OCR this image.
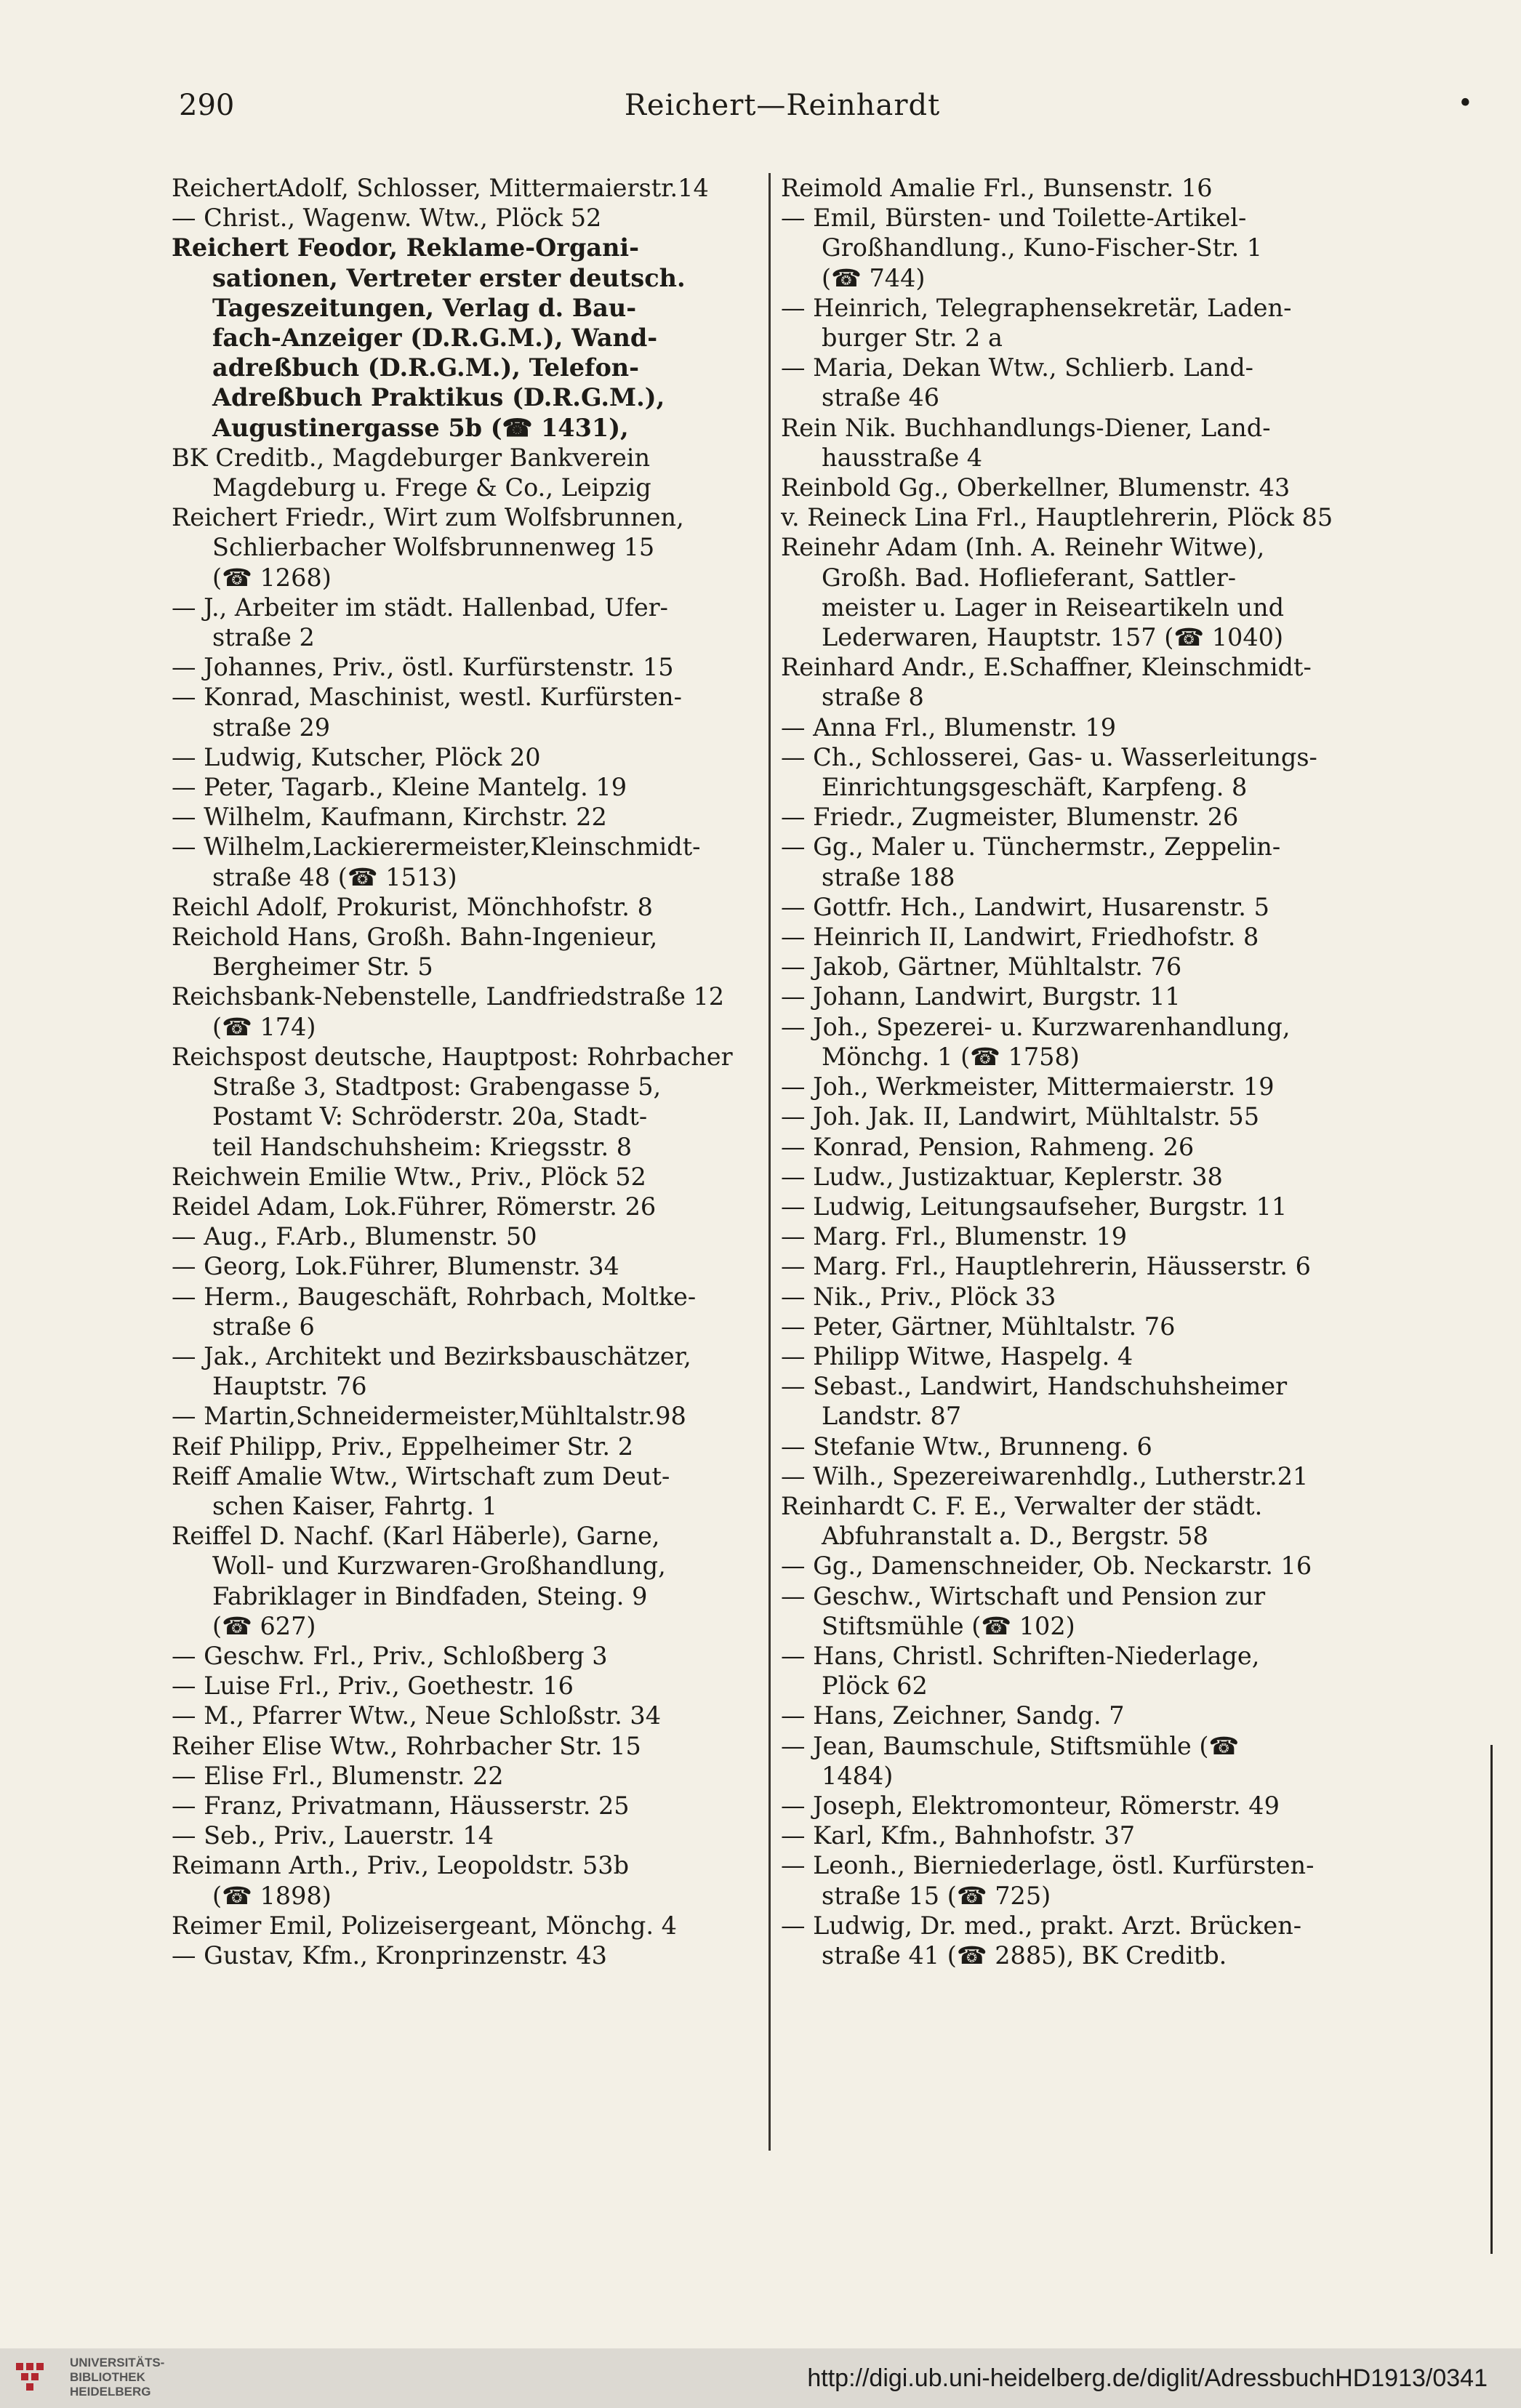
290	Reichert—Reinhardt	•
ReichertAdolf, Schlosser, Mittermaierstr.14
— Christ., Wagenw. Wtw., Plöck 52
Reichert Feodor, Reklame-Organi-
sationen, Vertreter erster deutsch.
Tageszeitungen, Verlag d. Bau-
fach-Anzeiger (D.R.G.M.), Wand-
adreßbuch (D.R.G.M.), Telefon-
Adreßbuch Praktikus (D.R.G.M.),
Augustinergasse 5b (☎ 1431),
BK Creditb., Magdeburger Bankverein
Magdeburg u. Frege & Co., Leipzig
Reichert Friedr., Wirt zum Wolfsbrunnen,
Schlierbacher Wolfsbrunnenweg 15
(☎ 1268)
— J., Arbeiter im städt. Hallenbad, Ufer-
straße 2
— Johannes, Priv., östl. Kurfürstenstr. 15
— Konrad, Maschinist, westl. Kurfürsten-
straße 29
— Ludwig, Kutscher, Plöck 20
— Peter, Tagarb., Kleine Mantelg. 19
— Wilhelm, Kaufmann, Kirchstr. 22
— Wilhelm,Lackierermeister,Kleinschmidt-
straße 48 (☎ 1513)
Reichl Adolf, Prokurist, Mönchhofstr. 8
Reichold Hans, Großh. Bahn-Ingenieur,
Bergheimer Str. 5
Reichsbank-Nebenstelle, Landfriedstraße 12
(☎ 174)
Reichspost deutsche, Hauptpost: Rohrbacher
Straße 3, Stadtpost: Grabengasse 5,
Postamt V: Schröderstr. 20a, Stadt-
teil Handschuhsheim: Kriegsstr. 8
Reichwein Emilie Wtw., Priv., Plöck 52
Reidel Adam, Lok.Führer, Römerstr. 26
— Aug., F.Arb., Blumenstr. 50
— Georg, Lok.Führer, Blumenstr. 34
— Herm., Baugeschäft, Rohrbach, Moltke-
straße 6
— Jak., Architekt und Bezirksbauschätzer,
Hauptstr. 76
— Martin,Schneidermeister,Mühltalstr.98
Reif Philipp, Priv., Eppelheimer Str. 2
Reiff Amalie Wtw., Wirtschaft zum Deut-
schen Kaiser, Fahrtg. 1
Reiffel D. Nachf. (Karl Häberle), Garne,
Woll- und Kurzwaren-Großhandlung,
Fabriklager in Bindfaden, Steing. 9
(☎ 627)
— Geschw. Frl., Priv., Schloßberg 3
— Luise Frl., Priv., Goethestr. 16
— M., Pfarrer Wtw., Neue Schloßstr. 34
Reiher Elise Wtw., Rohrbacher Str. 15
— Elise Frl., Blumenstr. 22
— Franz, Privatmann, Häusserstr. 25
— Seb., Priv., Lauerstr. 14
Reimann Arth., Priv., Leopoldstr. 53b
(☎ 1898)
Reimer Emil, Polizeisergeant, Mönchg. 4
— Gustav, Kfm., Kronprinzenstr. 43
Reimold Amalie Frl., Bunsenstr. 16
— Emil, Bürsten- und Toilette-Artikel-
Großhandlung., Kuno-Fischer-Str. 1
(☎ 744)
— Heinrich, Telegraphensekretär, Laden-
burger Str. 2 a
— Maria, Dekan Wtw., Schlierb. Land-
straße 46
Rein Nik. Buchhandlungs-Diener, Land-
hausstraße 4
Reinbold Gg., Oberkellner, Blumenstr. 43
v. Reineck Lina Frl., Hauptlehrerin, Plöck 85
Reinehr Adam (Inh. A. Reinehr Witwe),
Großh. Bad. Hoflieferant, Sattler-
meister u. Lager in Reiseartikeln und
Lederwaren, Hauptstr. 157 (☎ 1040)
Reinhard Andr., E.Schaffner, Kleinschmidt-
straße 8
— Anna Frl., Blumenstr. 19
— Ch., Schlosserei, Gas- u. Wasserleitungs-
Einrichtungsgeschäft, Karpfeng. 8
— Friedr., Zugmeister, Blumenstr. 26
— Gg., Maler u. Tünchermstr., Zeppelin-
straße 188
— Gottfr. Hch., Landwirt, Husarenstr. 5
— Heinrich II, Landwirt, Friedhofstr. 8
— Jakob, Gärtner, Mühltalstr. 76
— Johann, Landwirt, Burgstr. 11
— Joh., Spezerei- u. Kurzwarenhandlung,
Mönchg. 1 (☎ 1758)
— Joh., Werkmeister, Mittermaierstr. 19
— Joh. Jak. II, Landwirt, Mühltalstr. 55
— Konrad, Pension, Rahmeng. 26
— Ludw., Justizaktuar, Keplerstr. 38
— Ludwig, Leitungsaufseher, Burgstr. 11
— Marg. Frl., Blumenstr. 19
— Marg. Frl., Hauptlehrerin, Häusserstr. 6
— Nik., Priv., Plöck 33
— Peter, Gärtner, Mühltalstr. 76
— Philipp Witwe, Haspelg. 4
— Sebast., Landwirt, Handschuhsheimer
Landstr. 87
— Stefanie Wtw., Brunneng. 6
— Wilh., Spezereiwarenhdlg., Lutherstr.21
Reinhardt C. F. E., Verwalter der städt.
Abfuhranstalt a. D., Bergstr. 58
— Gg., Damenschneider, Ob. Neckarstr. 16
— Geschw., Wirtschaft und Pension zur
Stiftsmühle (☎ 102)
— Hans, Christl. Schriften-Niederlage,
Plöck 62
— Hans, Zeichner, Sandg. 7
— Jean, Baumschule, Stiftsmühle (☎
1484)
— Joseph, Elektromonteur, Römerstr. 49
— Karl, Kfm., Bahnhofstr. 37
— Leonh., Bierniederlage, östl. Kurfürsten-
straße 15 (☎ 725)
— Ludwig, Dr. med., prakt. Arzt. Brücken-
straße 41 (☎ 2885), BK Creditb.
UNIVERSITÄTS-
BIBLIOTHEK
HEIDELBERG	http://digi.ub.uni-heidelberg.de/diglit/AdressbuchHD1913/0341
